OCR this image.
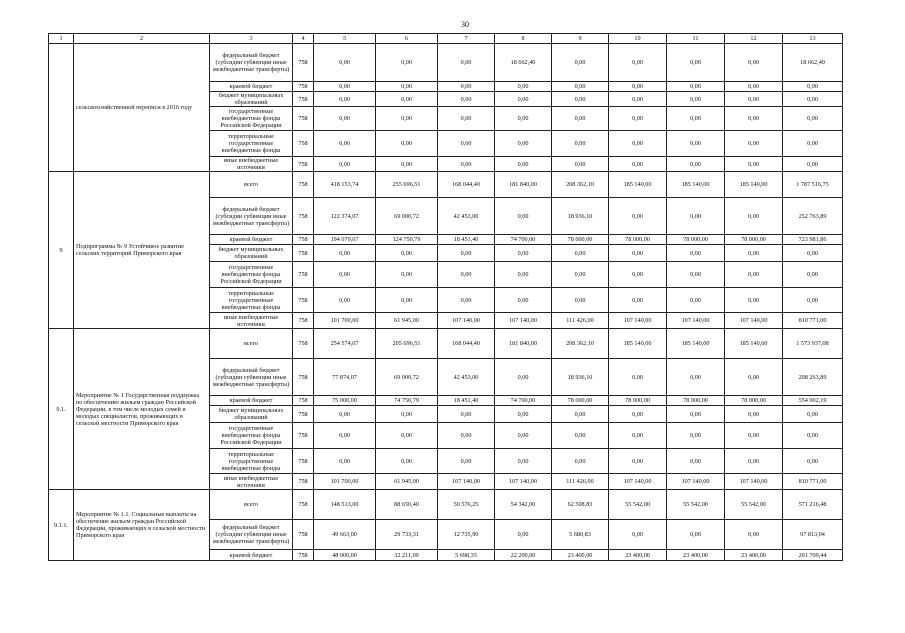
30
1	2	3	4	5	6	7	8	9	10	11	12	13
	сельскохозяйственной переписи в 2016 году	федеральный бюджет (субсидии субвенции иные межбюджетные трансферты)	758	0,00	0,00	0,00	18 662,40	0,00	0,00	0,00	0,00	18 662,40
		краевой бюджет	758	0,00	0,00	0,00	0,00	0,00	0,00	0,00	0,00	0,00
		бюджет муниципальных образований	758	0,00	0,00	0,00	0,00	0,00	0,00	0,00	0,00	0,00
		государственные внебюджетные фонды Российской Федерации	758	0,00	0,00	0,00	0,00	0,00	0,00	0,00	0,00	0,00
		территориальные государственные внебюджетные фонды	758	0,00	0,00	0,00	0,00	0,00	0,00	0,00	0,00	0,00
		иные внебюджетные источники	758	0,00	0,00	0,00	0,00	0,00	0,00	0,00	0,00	0,00
9	Подпрограмма № 9 Устойчивое развитие сельских территорий Приморского края	всего	758	418 153,74	255 696,51	168 044,40	181 840,00	208 362,10	185 140,00	185 140,00	185 140,00	1 787 516,75
		федеральный бюджет (субсидии субвенции иные межбюджетные трансферты)	758	122 374,07	69 000,72	42 453,00	0,00	18 936,10	0,00	0,00	0,00	252 763,89
		краевой бюджет	758	194 079,67	124 750,79	18 451,40	74 700,00	78 000,00	78 000,00	78 000,00	78 000,00	723 981,86
		бюджет муниципальных образований	758	0,00	0,00	0,00	0,00	0,00	0,00	0,00	0,00	0,00
		государственные внебюджетные фонды Российской Федерации	758	0,00	0,00	0,00	0,00	0,00	0,00	0,00	0,00	0,00
		территориальные государственные внебюджетные фонды	758	0,00	0,00	0,00	0,00	0,00	0,00	0,00	0,00	0,00
		иные внебюджетные источники	758	101 700,00	61 945,00	107 140,00	107 140,00	111 426,00	107 140,00	107 140,00	107 140,00	810 771,00
9.1.	Мероприятие № 1 Государственная поддержка по обеспечению жильем граждан Российской Федерации, в том числе молодых семей и молодых специалистов, проживающих в сельской местности Приморского края	всего	758	254 574,07	205 696,51	168 044,40	181 840,00	208 362,10	185 140,00	185 140,00	185 140,00	1 573 937,08
		федеральный бюджет (субсидии субвенции иные межбюджетные трансферты)	758	77 874,07	69 000,72	42 453,00	0,00	18 936,10	0,00	0,00	0,00	208 263,89
		краевой бюджет	758	75 000,00	74 750,79	18 451,40	74 700,00	78 000,00	78 000,00	78 000,00	78 000,00	554 902,19
		бюджет муниципальных образований	758	0,00	0,00	0,00	0,00	0,00	0,00	0,00	0,00	0,00
		государственные внебюджетные фонды Российской Федерации	758	0,00	0,00	0,00	0,00	0,00	0,00	0,00	0,00	0,00
		территориальные государственные внебюджетные фонды	758	0,00	0,00	0,00	0,00	0,00	0,00	0,00	0,00	0,00
		иные внебюджетные источники	758	101 700,00	61 945,00	107 140,00	107 140,00	111 426,00	107 140,00	107 140,00	107 140,00	810 771,00
9.1.1.	Мероприятие № 1.1. Социальные выплаты на обеспечение жильем граждан Российской Федерации, проживающих в сельской местности Приморского края	всего	758	148 513,00	88 650,40	50 576,25	54 342,00	62 508,83	55 542,00	55 542,00	55 542,00	571 216,48
		федеральный бюджет (субсидии субвенции иные межбюджетные трансферты)	758	49 663,00	29 733,31	12 735,90	0,00	5 680,83	0,00	0,00	0,00	97 813,04
		краевой бюджет	758	48 000,00	32 211,09	5 698,35	22 200,00	23 400,00	23 400,00	23 400,00	23 400,00	201 709,44
